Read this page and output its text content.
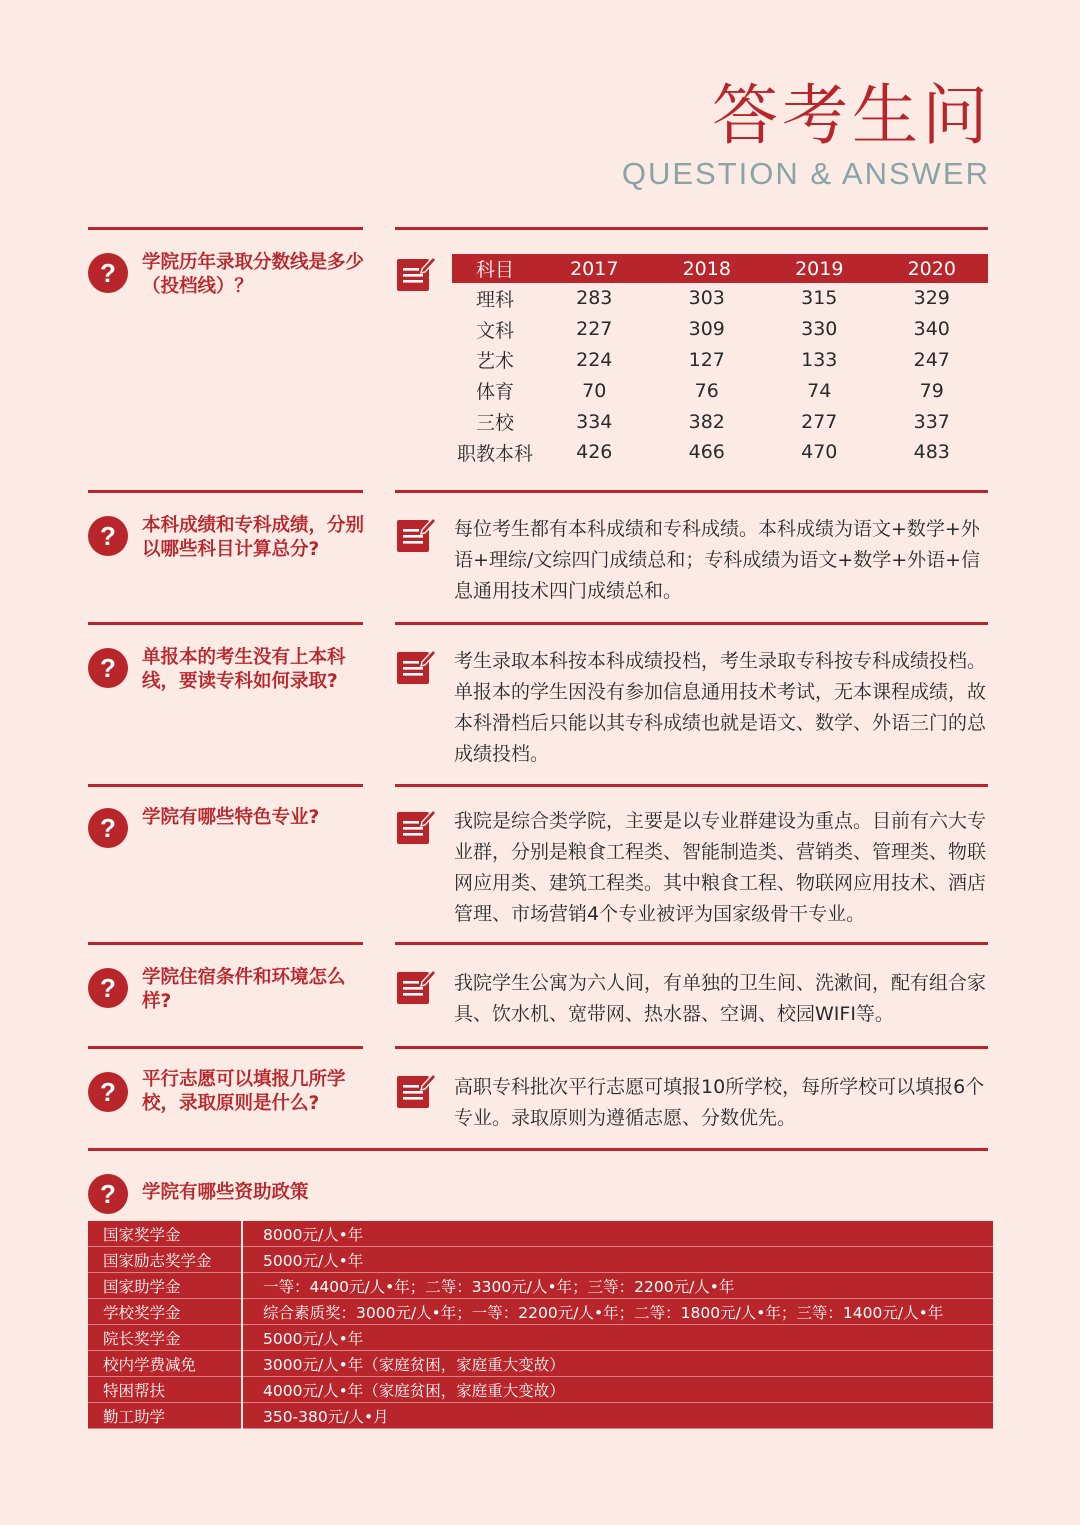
答考生问

QUESTION & ANSWER

?	学院历年录取分数线是多少（投档线）？
科目	2017	2018	2019	2020
理科	283	303	315	329
文科	227	309	330	340
艺术	224	127	133	247
体育	70	76	74	79
三校	334	382	277	337
职教本科	426	466	470	483
?	本科成绩和专科成绩，分别以哪些科目计算总分?
每位考生都有本科成绩和专科成绩。本科成绩为语文+数学+外语+理综/文综四门成绩总和；专科成绩为语文+数学+外语+信息通用技术四门成绩总和。
?	单报本的考生没有上本科线，要读专科如何录取?
考生录取本科按本科成绩投档，考生录取专科按专科成绩投档。单报本的学生因没有参加信息通用技术考试，无本课程成绩，故本科滑档后只能以其专科成绩也就是语文、数学、外语三门的总成绩投档。
?	学院有哪些特色专业?	我院是综合类学院，主要是以专业群建设为重点。目前有六大专业群，分别是粮食工程类、智能制造类、营销类、管理类、物联网应用类、建筑工程类。其中粮食工程、物联网应用技术、酒店管理、市场营销4个专业被评为国家级骨干专业。
?	学院住宿条件和环境怎么样?
我院学生公寓为六人间，有单独的卫生间、洗漱间，配有组合家具、饮水机、宽带网、热水器、空调、校园WIFI等。
?	平行志愿可以填报几所学校，录取原则是什么?
高职专科批次平行志愿可填报10所学校，每所学校可以填报6个专业。录取原则为遵循志愿、分数优先。
?	学院有哪些资助政策
国家奖学金	8000元/人•年
国家励志奖学金	5000元/人•年
国家助学金	一等：4400元/人•年；二等：3300元/人•年；三等：2200元/人•年
学校奖学金	综合素质奖：3000元/人•年；一等：2200元/人•年；二等：1800元/人•年；三等：1400元/人•年
院长奖学金	5000元/人•年
校内学费减免	3000元/人•年（家庭贫困，家庭重大变故）
特困帮扶	4000元/人•年（家庭贫困，家庭重大变故）
勤工助学	350-380元/人•月
